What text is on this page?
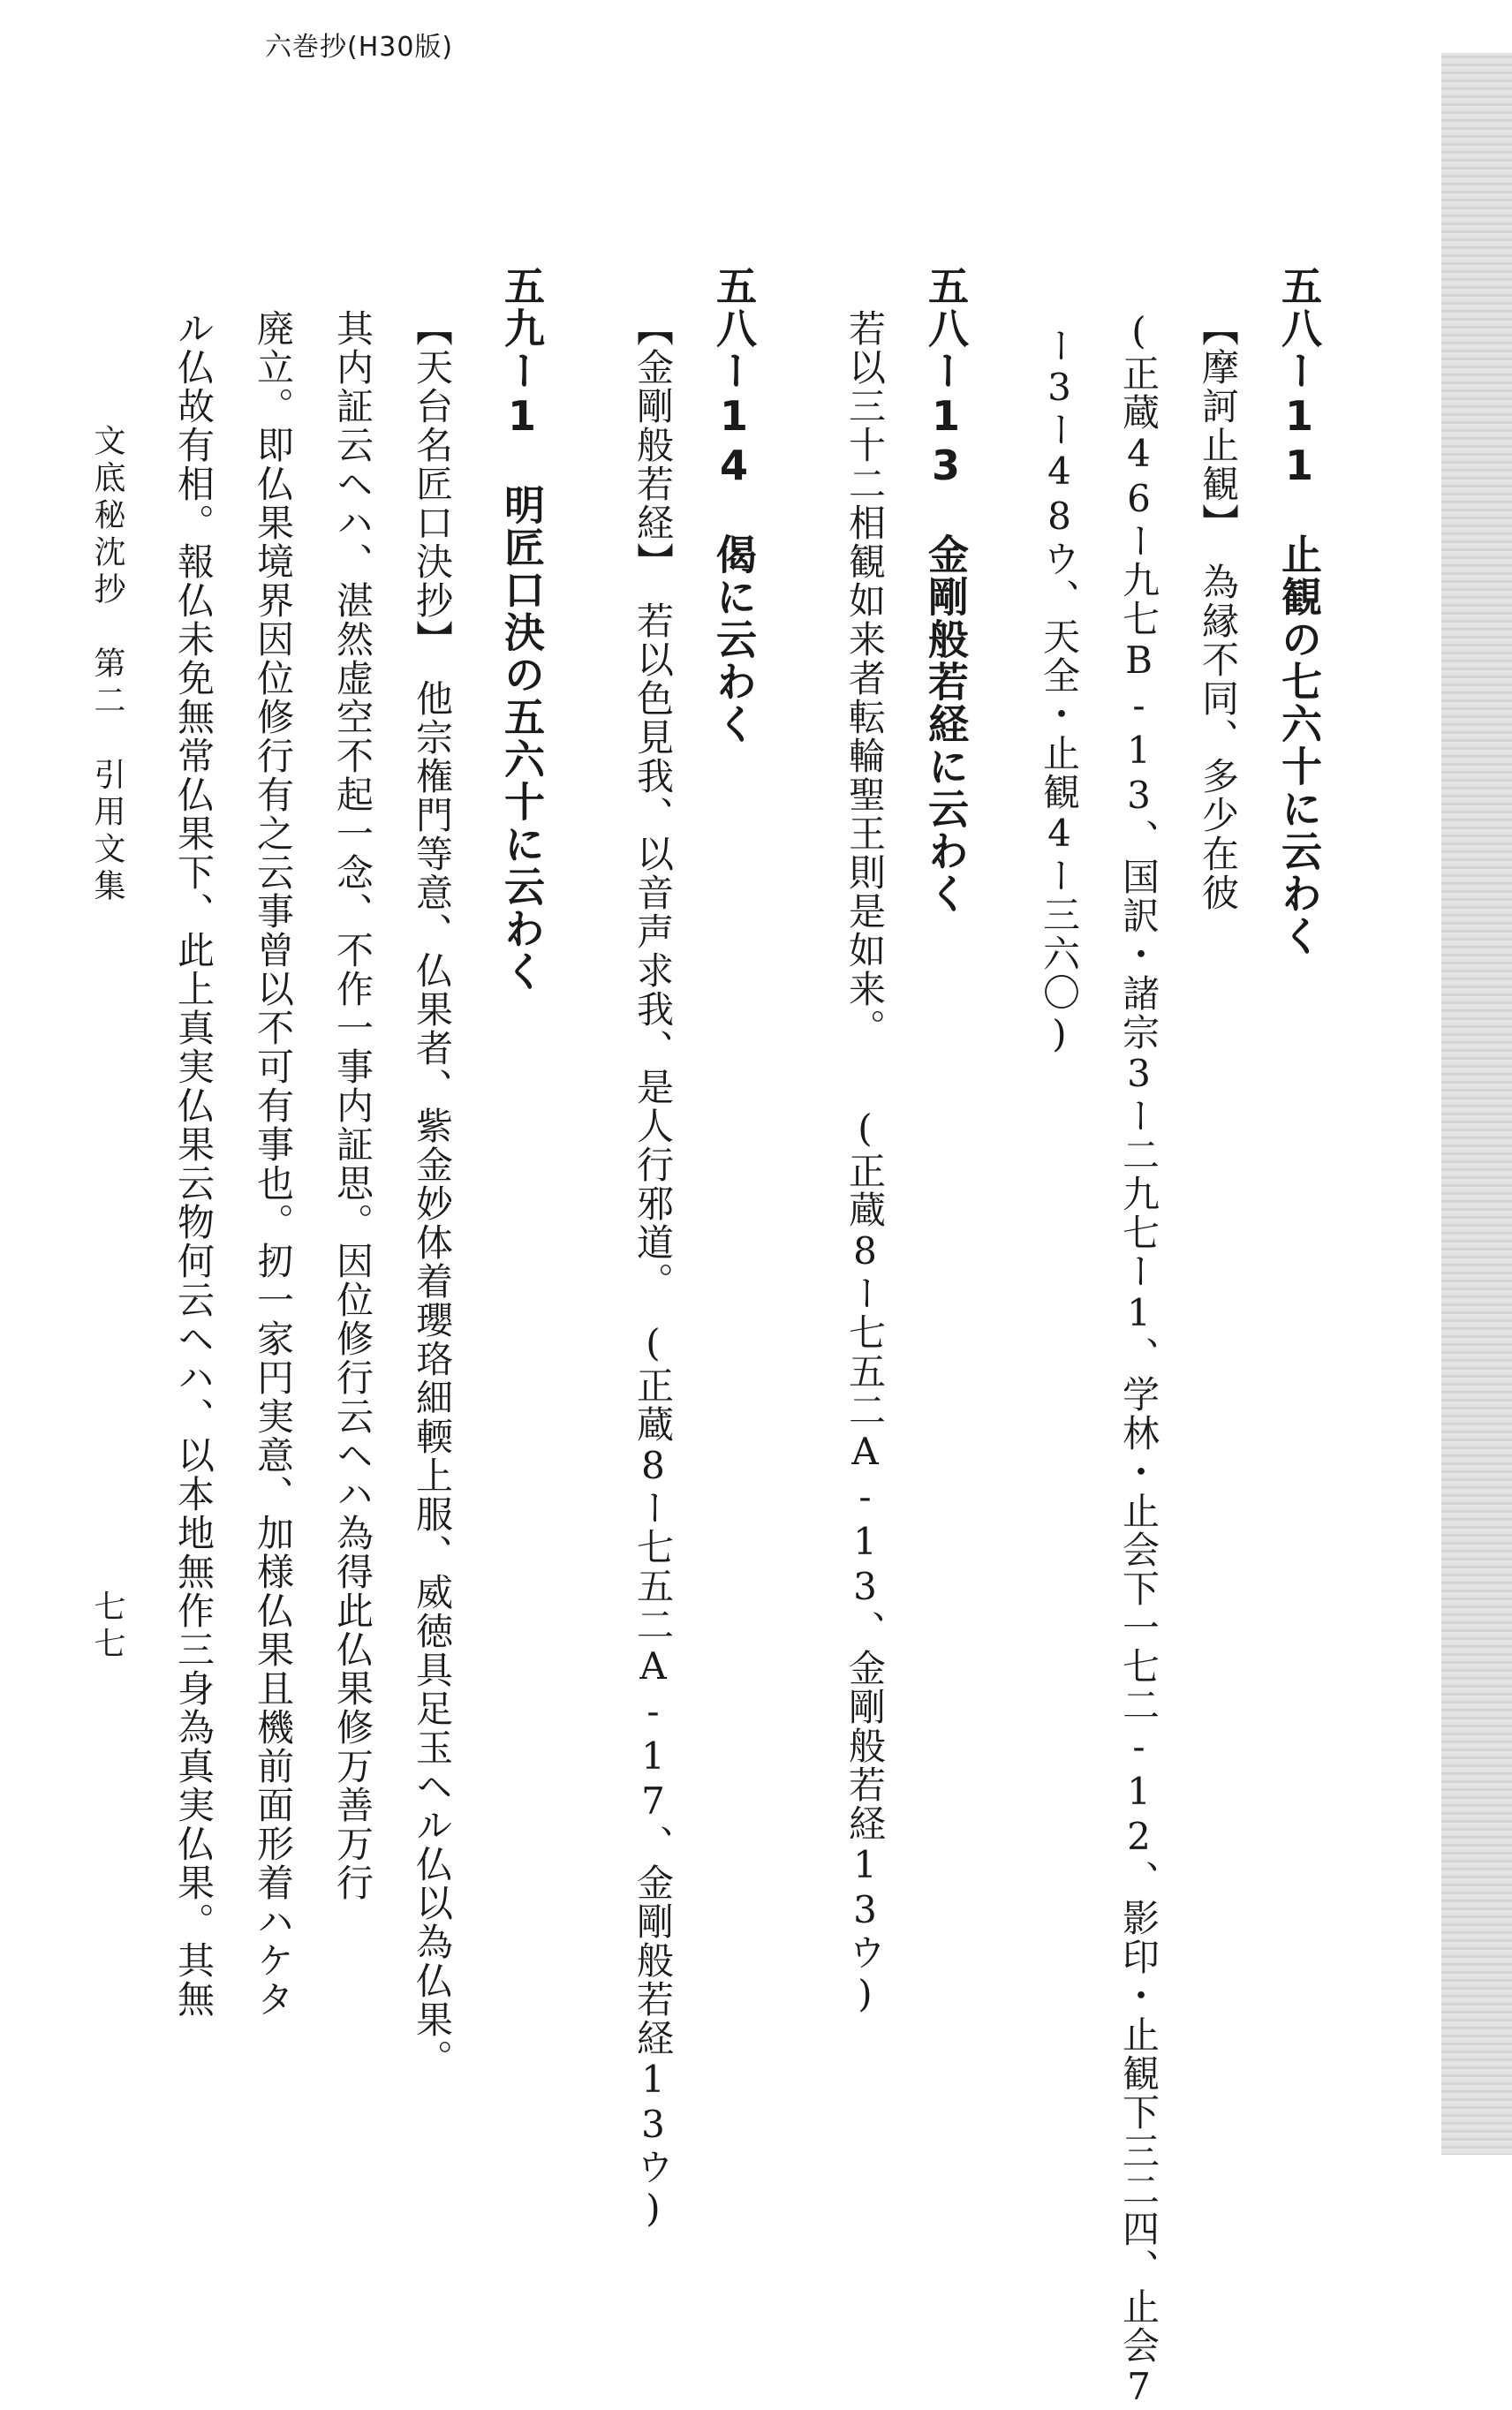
六巻抄(H30版)
五八ー11　止観の七六十に云わく
【摩訶止観】　為縁不同、多少在彼
(正蔵46ー九七B-13、国訳・諸宗3ー二九七ー1、学林・止会下一七二-12、影印・止観下三二四、止会7
ー3ー48ウ、天全・止観4ー三六〇)
五八ー13　金剛般若経に云わく
若以三十二相観如来者転輪聖王則是如来。　　(正蔵8ー七五二A-13、金剛般若経13ウ)
五八ー14　偈に云わく
【金剛般若経】　若以色見我、以音声求我、是人行邪道。　(正蔵8ー七五二A-17、金剛般若経13ウ)
五九ー1　明匠口決の五六十に云わく
【天台名匠口決抄】　他宗権門等意、仏果者、紫金妙体着瓔珞細輭上服、威徳具足玉ヘル仏以為仏果。
其内証云ヘハ、湛然虚空不起一念、不作一事内証思。因位修行云ヘハ為得此仏果修万善万行
廃立。即仏果境界因位修行有之云事曾以不可有事也。扨一家円実意、加様仏果且機前面形着ハケタ
ル仏故有相。報仏未免無常仏果下、此上真実仏果云物何云ヘハ、以本地無作三身為真実仏果。其無
文底秘沈抄　第二　引用文集
七七
